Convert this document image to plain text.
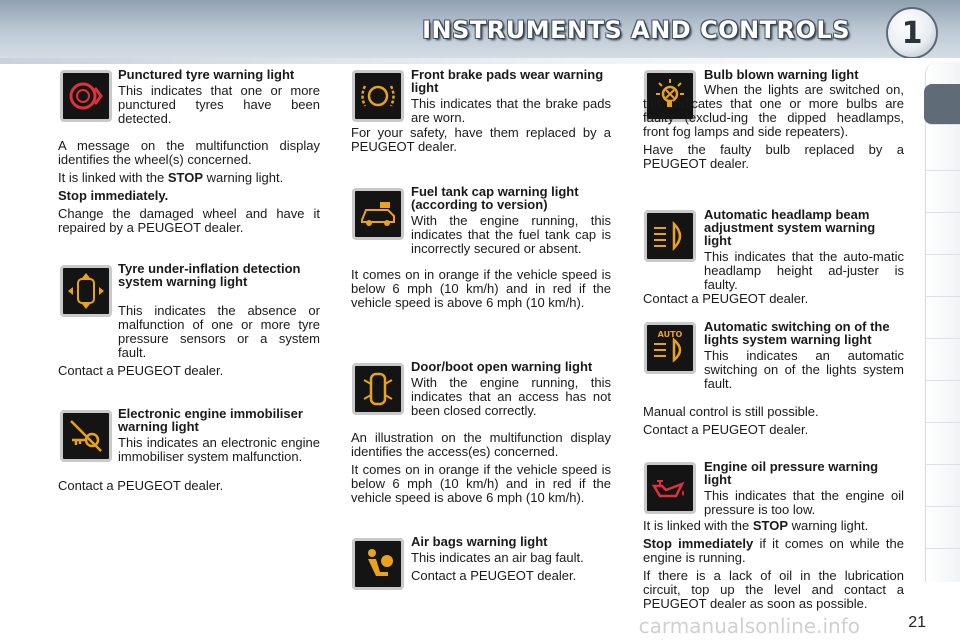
INSTRUMENTS AND CONTROLS 1

Punctured tyre warning light

This indicates that one or more punctured tyres have been detected.

A message on the multifunction display identifies the wheel(s) concerned.

It is linked with the STOP warning light.

Stop immediately.

Change the damaged wheel and have it repaired by a PEUGEOT dealer.

Tyre under-inflation detection system warning light

This indicates the absence or malfunction of one or more tyre pressure sensors or a system fault.

Contact a PEUGEOT dealer.

Electronic engine immobiliser warning light

This indicates an electronic engine immobiliser system malfunction.

Contact a PEUGEOT dealer.

Front brake pads wear warning light

This indicates that the brake pads are worn.

For your safety, have them replaced by a PEUGEOT dealer.

Fuel tank cap warning light (according to version)

With the engine running, this indicates that the fuel tank cap is incorrectly secured or absent.

It comes on in orange if the vehicle speed is below 6 mph (10 km/h) and in red if the vehicle speed is above 6 mph (10 km/h).

Door/boot open warning light

With the engine running, this indicates that an access has not been closed correctly.

An illustration on the multifunction display identifies the access(es) concerned.

It comes on in orange if the vehicle speed is below 6 mph (10 km/h) and in red if the vehicle speed is above 6 mph (10 km/h).

Air bags warning light

This indicates an air bag fault.

Contact a PEUGEOT dealer.

Bulb blown warning light

When the lights are switched on, this indicates that one or more bulbs are faulty (exclud-ing the dipped headlamps, front fog lamps and side repeaters).

Have the faulty bulb replaced by a PEUGEOT dealer.

Automatic headlamp beam adjustment system warning light

This indicates that the auto-matic headlamp height ad-juster is faulty.

Contact a PEUGEOT dealer.

AUTO

Automatic switching on of the lights system warning light

This indicates an automatic switching on of the lights system fault.

Manual control is still possible.

Contact a PEUGEOT dealer.

Engine oil pressure warning light

This indicates that the engine oil pressure is too low.

It is linked with the STOP warning light.

Stop immediately if it comes on while the engine is running.

If there is a lack of oil in the lubrication circuit, top up the level and contact a PEUGEOT dealer as soon as possible.

21
carmanualsonline.info
